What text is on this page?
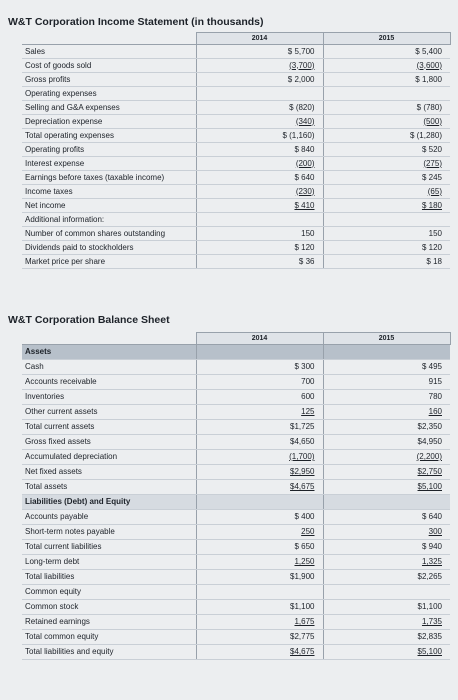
W&T Corporation Income Statement (in thousands)
	2014	2015
Sales	$ 5,700	$ 5,400
Cost of goods sold	(3,700)	(3,600)
Gross profits	$ 2,000	$ 1,800
Operating expenses		
Selling and G&A expenses	$ (820)	$ (780)
Depreciation expense	(340)	(500)
Total operating expenses	$ (1,160)	$ (1,280)
Operating profits	$ 840	$ 520
Interest expense	(200)	(275)
Earnings before taxes (taxable income)	$ 640	$ 245
Income taxes	(230)	(65)
Net income	$ 410	$ 180
Additional information:		
Number of common shares outstanding	150	150
Dividends paid to stockholders	$ 120	$ 120
Market price per share	$ 36	$ 18
W&T Corporation Balance Sheet
	2014	2015
Assets		
Cash	$ 300	$ 495
Accounts receivable	700	915
Inventories	600	780
Other current assets	125	160
Total current assets	$1,725	$2,350
Gross fixed assets	$4,650	$4,950
Accumulated depreciation	(1,700)	(2,200)
Net fixed assets	$2,950	$2,750
Total assets	$4,675	$5,100
Liabilities (Debt) and Equity		
Accounts payable	$ 400	$ 640
Short-term notes payable	250	300
Total current liabilities	$ 650	$ 940
Long-term debt	1,250	1,325
Total liabilities	$1,900	$2,265
Common equity		
Common stock	$1,100	$1,100
Retained earnings	1,675	1,735
Total common equity	$2,775	$2,835
Total liabilities and equity	$4,675	$5,100
